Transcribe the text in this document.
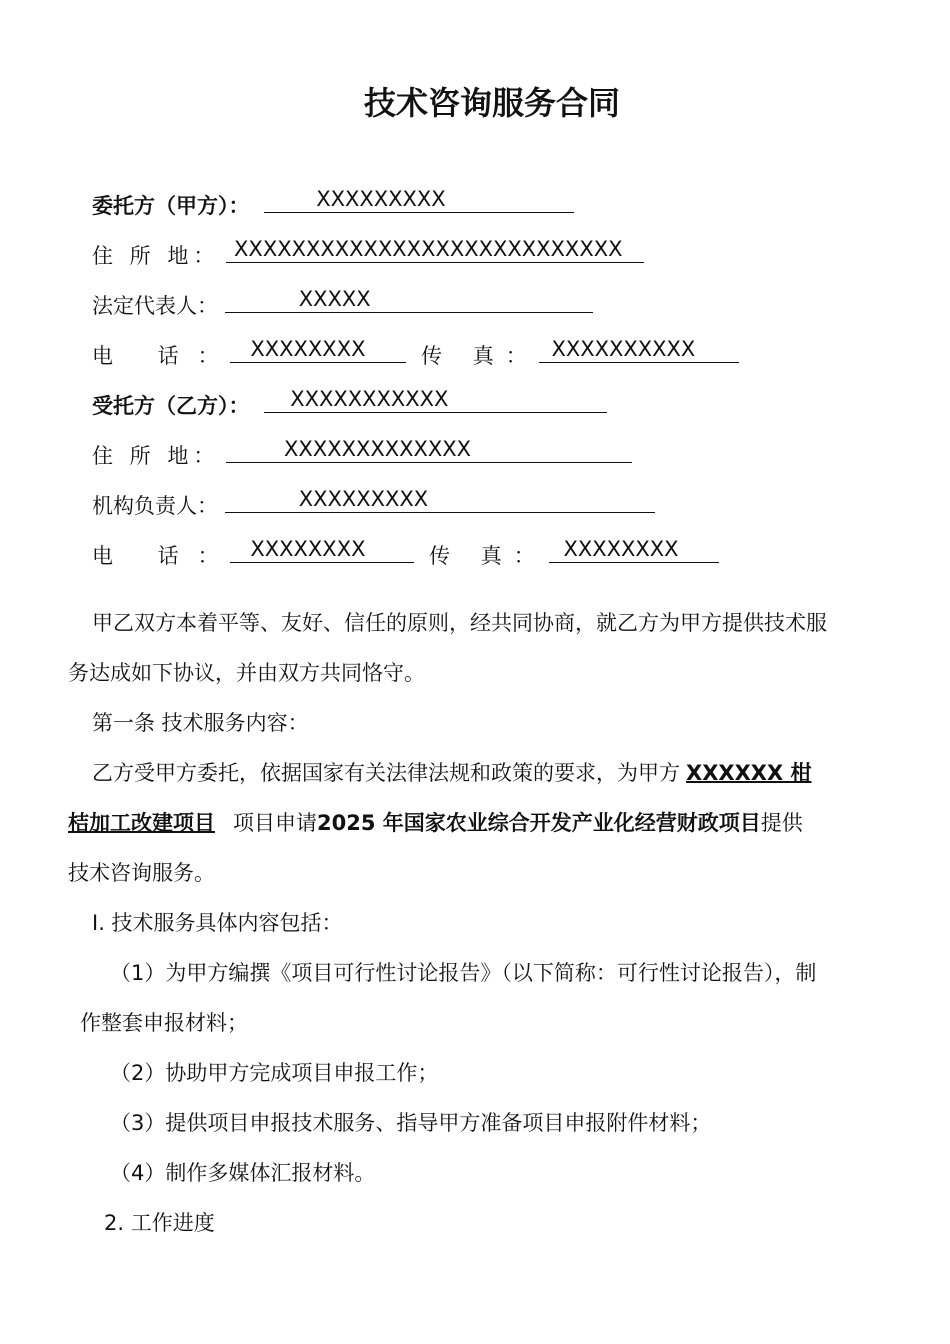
技术咨询服务合同
委托方（甲方）：	XXXXXXXXX
住 所 地： XXXXXXXXXXXXXXXXXXXXXXXXXXX
法定代表人：	XXXXX
电 话： XXXXXXXX	传 真： XXXXXXXXXX
受托方（乙方）： XXXXXXXXXXX
住 所 地：	XXXXXXXXXXXXX
机构负责人：	XXXXXXXXX
电 话： XXXXXXXX	传 真： XXXXXXXX
甲乙双方本着平等、友好、信任的原则，经共同协商，就乙方为甲方提供技术服
务达成如下协议，并由双方共同恪守。
第一条 技术服务内容：
乙方受甲方委托，依据国家有关法律法规和政策的要求，为甲方 XXXXXX 柑
桔加工改建项目 项目申请2025 年国家农业综合开发产业化经营财政项目提供
技术咨询服务。
I. 技术服务具体内容包括：
（1）为甲方编撰《项目可行性讨论报告》（以下简称：可行性讨论报告），制
作整套申报材料；
（2）协助甲方完成项目申报工作；
（3）提供项目申报技术服务、指导甲方准备项目申报附件材料；
（4）制作多媒体汇报材料。
2. 工作进度
